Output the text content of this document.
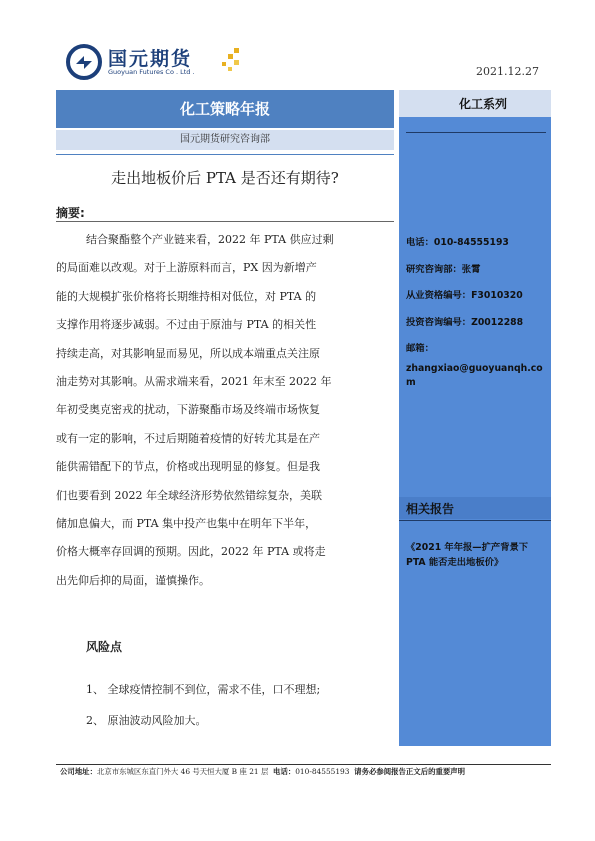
国元期货
Guoyuan Futures Co . Ltd .	2021.12.27
化工策略年报
国元期货研究咨询部
走出地板价后 PTA 是否还有期待?
摘要:
结合聚酯整个产业链来看，2022 年 PTA 供应过剩
的局面难以改观。对于上游原料而言，PX 因为新增产
能的大规模扩张价格将长期维持相对低位，对 PTA 的
支撑作用将逐步减弱。不过由于原油与 PTA 的相关性
持续走高，对其影响显而易见，所以成本端重点关注原
油走势对其影响。从需求端来看，2021 年末至 2022 年
年初受奥克密戎的扰动，下游聚酯市场及终端市场恢复
或有一定的影响，不过后期随着疫情的好转尤其是在产
能供需错配下的节点，价格或出现明显的修复。但是我
们也要看到 2022 年全球经济形势依然错综复杂，美联
储加息偏大，而 PTA 集中投产也集中在明年下半年，
价格大概率存回调的预期。因此，2022 年 PTA 或将走
出先仰后抑的局面，谨慎操作。
风险点
1、 全球疫情控制不到位，需求不佳，口不理想;
2、 原油波动风险加大。
化工系列
电话：010-84555193
研究咨询部：张霄
从业资格编号：F3010320
投资咨询编号：Z0012288
邮箱：
zhangxiao@guoyuanqh.com
相关报告
《2021 年年报—扩产背景下 PTA 能否走出地板价》
公司地址：北京市东城区东直门外大 46 号天恒大厦 B 座 21 层 电话：010-84555193 请务必参阅报告正文后的重要声明
